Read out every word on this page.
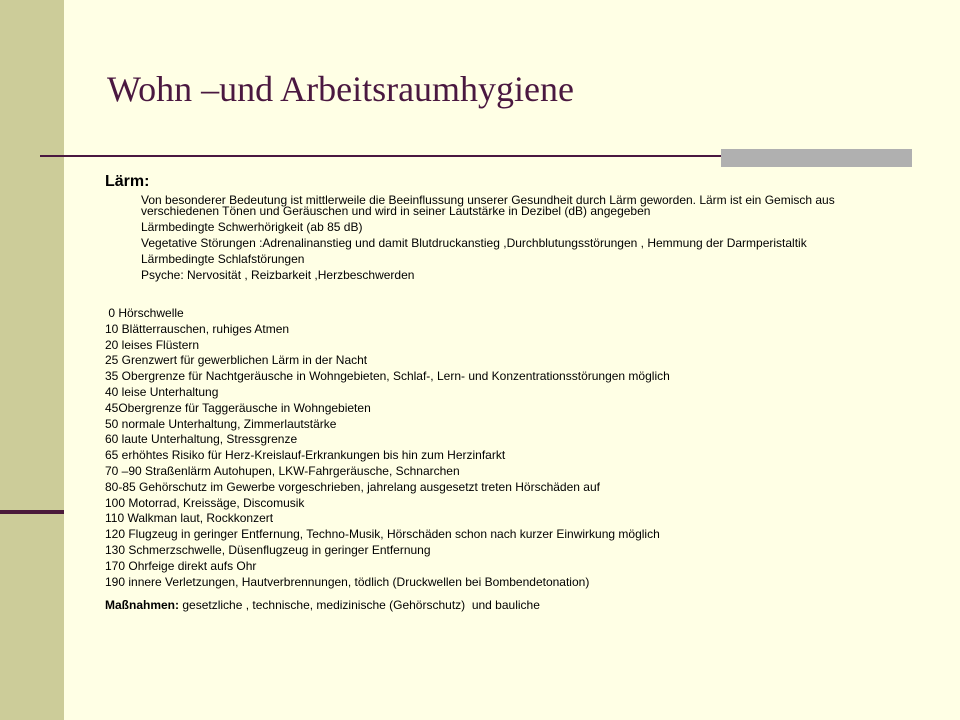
Wohn –und Arbeitsraumhygiene
Lärm:
Von besonderer Bedeutung ist mittlerweile die Beeinflussung unserer Gesundheit durch Lärm geworden. Lärm ist ein Gemisch aus verschiedenen Tönen und Geräuschen und wird in seiner Lautstärke in Dezibel (dB) angegeben
Lärmbedingte Schwerhörigkeit (ab 85 dB)
Vegetative Störungen :Adrenalinanstieg und damit Blutdruckanstieg ,Durchblutungsstörungen , Hemmung der Darmperistaltik
Lärmbedingte Schlafstörungen
Psyche: Nervosität , Reizbarkeit ,Herzbeschwerden
0 Hörschwelle
10 Blätterrauschen, ruhiges Atmen
20 leises Flüstern
25 Grenzwert für gewerblichen Lärm in der Nacht
35 Obergrenze für Nachtgeräusche in Wohngebieten, Schlaf-, Lern- und Konzentrationsstörungen möglich
40 leise Unterhaltung
45Obergrenze für Taggeräusche in Wohngebieten
50 normale Unterhaltung, Zimmerlautstärke
60 laute Unterhaltung, Stressgrenze
65 erhöhtes Risiko für Herz-Kreislauf-Erkrankungen bis hin zum Herzinfarkt
70 –90 Straßenlärm Autohupen, LKW-Fahrgeräusche, Schnarchen
80-85 Gehörschutz im Gewerbe vorgeschrieben, jahrelang ausgesetzt treten Hörschäden auf
100 Motorrad, Kreissäge, Discomusik
110 Walkman laut, Rockkonzert
120 Flugzeug in geringer Entfernung, Techno-Musik, Hörschäden schon nach kurzer Einwirkung möglich
130 Schmerzschwelle, Düsenflugzeug in geringer Entfernung
170 Ohrfeige direkt aufs Ohr
190 innere Verletzungen, Hautverbrennungen, tödlich (Druckwellen bei Bombendetonation)
Maßnahmen: gesetzliche , technische, medizinische (Gehörschutz)  und bauliche
